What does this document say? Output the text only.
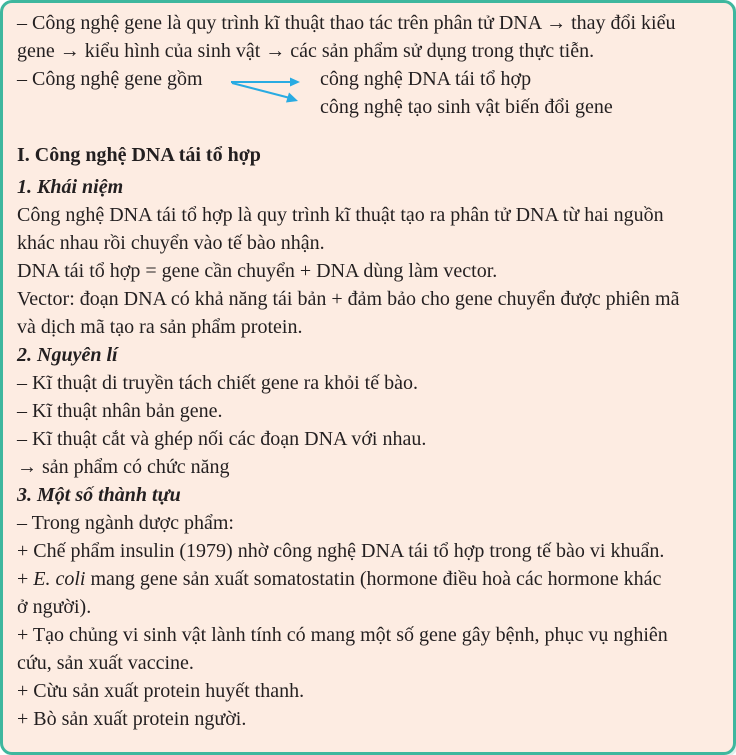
– Công nghệ gene là quy trình kĩ thuật thao tác trên phân tử DNA → thay đổi kiểu
gene → kiểu hình của sinh vật → các sản phẩm sử dụng trong thực tiễn.
– Công nghệ gene gồm	công nghệ DNA tái tổ hợp
công nghệ tạo sinh vật biến đổi gene
I. Công nghệ DNA tái tổ hợp
1. Khái niệm
Công nghệ DNA tái tổ hợp là quy trình kĩ thuật tạo ra phân tử DNA từ hai nguồn
khác nhau rồi chuyển vào tế bào nhận.
DNA tái tổ hợp = gene cần chuyển + DNA dùng làm vector.
Vector: đoạn DNA có khả năng tái bản + đảm bảo cho gene chuyển được phiên mã
và dịch mã tạo ra sản phẩm protein.
2. Nguyên lí
– Kĩ thuật di truyền tách chiết gene ra khỏi tế bào.
– Kĩ thuật nhân bản gene.
– Kĩ thuật cắt và ghép nối các đoạn DNA với nhau.
→ sản phẩm có chức năng
3. Một số thành tựu
– Trong ngành dược phẩm:
+ Chế phẩm insulin (1979) nhờ công nghệ DNA tái tổ hợp trong tế bào vi khuẩn.
+ E. coli mang gene sản xuất somatostatin (hormone điều hoà các hormone khác
ở người).
+ Tạo chủng vi sinh vật lành tính có mang một số gene gây bệnh, phục vụ nghiên
cứu, sản xuất vaccine.
+ Cừu sản xuất protein huyết thanh.
+ Bò sản xuất protein người.
